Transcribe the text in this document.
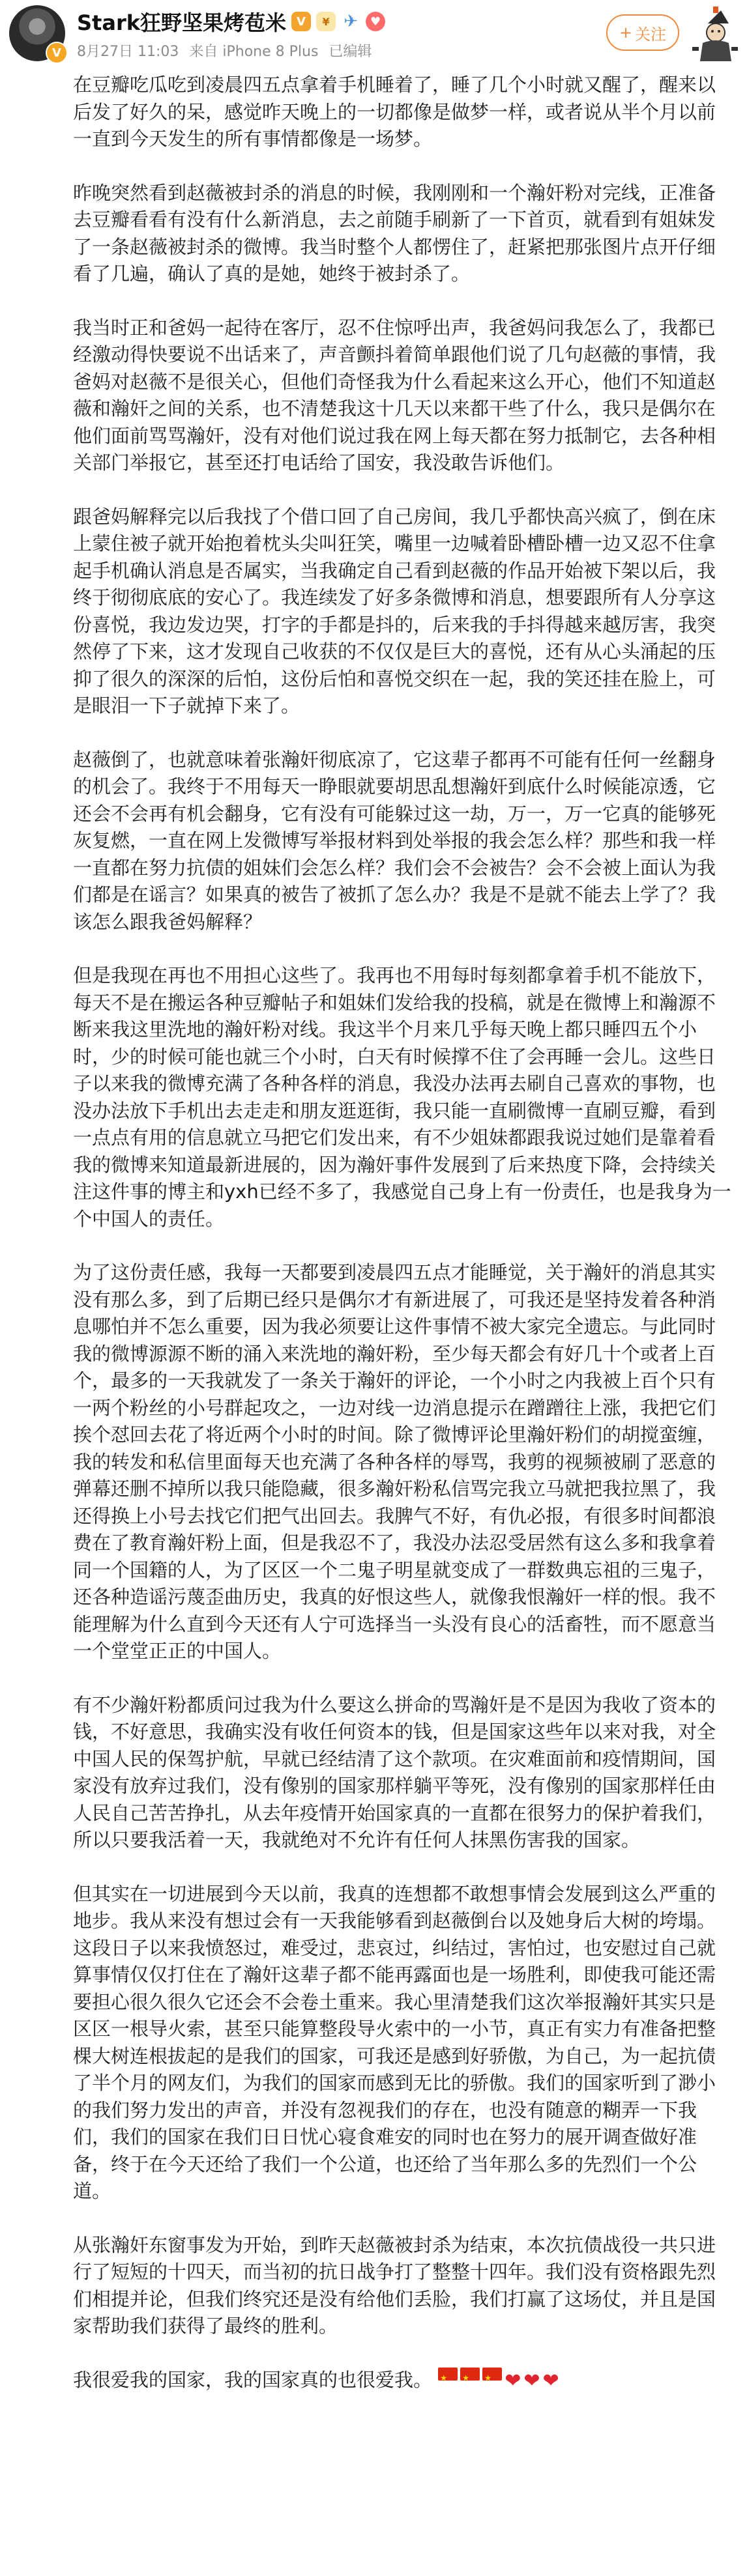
V
Stark狂野坚果烤苞米 V	¥ ✈	♥
8月27日 11:03 来自 iPhone 8 Plus 已编辑
+ 关注

在豆瓣吃瓜吃到凌晨四五点拿着手机睡着了，睡了几个小时就又醒了，醒来以后发了好久的呆，感觉昨天晚上的一切都像是做梦一样，或者说从半个月以前一直到今天发生的所有事情都像是一场梦。

昨晚突然看到赵薇被封杀的消息的时候，我刚刚和一个瀚奸粉对完线，正准备去豆瓣看看有没有什么新消息，去之前随手刷新了一下首页，就看到有姐妹发了一条赵薇被封杀的微博。我当时整个人都愣住了，赶紧把那张图片点开仔细看了几遍，确认了真的是她，她终于被封杀了。

我当时正和爸妈一起待在客厅，忍不住惊呼出声，我爸妈问我怎么了，我都已经激动得快要说不出话来了，声音颤抖着简单跟他们说了几句赵薇的事情，我爸妈对赵薇不是很关心，但他们奇怪我为什么看起来这么开心，他们不知道赵薇和瀚奸之间的关系，也不清楚我这十几天以来都干些了什么，我只是偶尔在他们面前骂骂瀚奸，没有对他们说过我在网上每天都在努力抵制它，去各种相关部门举报它，甚至还打电话给了国安，我没敢告诉他们。

跟爸妈解释完以后我找了个借口回了自己房间，我几乎都快高兴疯了，倒在床上蒙住被子就开始抱着枕头尖叫狂笑，嘴里一边喊着卧槽卧槽一边又忍不住拿起手机确认消息是否属实，当我确定自己看到赵薇的作品开始被下架以后，我终于彻彻底底的安心了。我连续发了好多条微博和消息，想要跟所有人分享这份喜悦，我边发边哭，打字的手都是抖的，后来我的手抖得越来越厉害，我突然停了下来，这才发现自己收获的不仅仅是巨大的喜悦，还有从心头涌起的压抑了很久的深深的后怕，这份后怕和喜悦交织在一起，我的笑还挂在脸上，可是眼泪一下子就掉下来了。

赵薇倒了，也就意味着张瀚奸彻底凉了，它这辈子都再不可能有任何一丝翻身的机会了。我终于不用每天一睁眼就要胡思乱想瀚奸到底什么时候能凉透，它还会不会再有机会翻身，它有没有可能躲过这一劫，万一，万一它真的能够死灰复燃，一直在网上发微博写举报材料到处举报的我会怎么样？那些和我一样一直都在努力抗债的姐妹们会怎么样？我们会不会被告？会不会被上面认为我们都是在谣言？如果真的被告了被抓了怎么办？我是不是就不能去上学了？我该怎么跟我爸妈解释？

但是我现在再也不用担心这些了。我再也不用每时每刻都拿着手机不能放下，每天不是在搬运各种豆瓣帖子和姐妹们发给我的投稿，就是在微博上和瀚源不断来我这里洗地的瀚奸粉对线。我这半个月来几乎每天晚上都只睡四五个小时，少的时候可能也就三个小时，白天有时候撑不住了会再睡一会儿。这些日子以来我的微博充满了各种各样的消息，我没办法再去刷自己喜欢的事物，也没办法放下手机出去走走和朋友逛逛街，我只能一直刷微博一直刷豆瓣，看到一点点有用的信息就立马把它们发出来，有不少姐妹都跟我说过她们是靠着看我的微博来知道最新进展的，因为瀚奸事件发展到了后来热度下降，会持续关注这件事的博主和yxh已经不多了，我感觉自己身上有一份责任，也是我身为一个中国人的责任。

为了这份责任感，我每一天都要到凌晨四五点才能睡觉，关于瀚奸的消息其实没有那么多，到了后期已经只是偶尔才有新进展了，可我还是坚持发着各种消息哪怕并不怎么重要，因为我必须要让这件事情不被大家完全遗忘。与此同时我的微博源源不断的涌入来洗地的瀚奸粉，至少每天都会有好几十个或者上百个，最多的一天我就发了一条关于瀚奸的评论，一个小时之内我被上百个只有一两个粉丝的小号群起攻之，一边对线一边消息提示在蹭蹭往上涨，我把它们挨个怼回去花了将近两个小时的时间。除了微博评论里瀚奸粉们的胡搅蛮缠，我的转发和私信里面每天也充满了各种各样的辱骂，我剪的视频被刷了恶意的弹幕还删不掉所以我只能隐藏，很多瀚奸粉私信骂完我立马就把我拉黑了，我还得换上小号去找它们把气出回去。我脾气不好，有仇必报，有很多时间都浪费在了教育瀚奸粉上面，但是我忍不了，我没办法忍受居然有这么多和我拿着同一个国籍的人，为了区区一个二鬼子明星就变成了一群数典忘祖的三鬼子，还各种造谣污蔑歪曲历史，我真的好恨这些人，就像我恨瀚奸一样的恨。我不能理解为什么直到今天还有人宁可选择当一头没有良心的活畜牲，而不愿意当一个堂堂正正的中国人。

有不少瀚奸粉都质问过我为什么要这么拼命的骂瀚奸是不是因为我收了资本的钱，不好意思，我确实没有收任何资本的钱，但是国家这些年以来对我，对全中国人民的保驾护航，早就已经结清了这个款项。在灾难面前和疫情期间，国家没有放弃过我们，没有像别的国家那样躺平等死，没有像别的国家那样任由人民自己苦苦挣扎，从去年疫情开始国家真的一直都在很努力的保护着我们，所以只要我活着一天，我就绝对不允许有任何人抹黑伤害我的国家。

但其实在一切进展到今天以前，我真的连想都不敢想事情会发展到这么严重的地步。我从来没有想过会有一天我能够看到赵薇倒台以及她身后大树的垮塌。这段日子以来我愤怒过，难受过，悲哀过，纠结过，害怕过，也安慰过自己就算事情仅仅打住在了瀚奸这辈子都不能再露面也是一场胜利，即使我可能还需要担心很久很久它还会不会卷土重来。我心里清楚我们这次举报瀚奸其实只是区区一根导火索，甚至只能算整段导火索中的一小节，真正有实力有准备把整棵大树连根拔起的是我们的国家，可我还是感到好骄傲，为自己，为一起抗债了半个月的网友们，为我们的国家而感到无比的骄傲。我们的国家听到了渺小的我们努力发出的声音，并没有忽视我们的存在，也没有随意的糊弄一下我们，我们的国家在我们日日忧心寝食难安的同时也在努力的展开调查做好准备，终于在今天还给了我们一个公道，也还给了当年那么多的先烈们一个公道。

从张瀚奸东窗事发为开始，到昨天赵薇被封杀为结束，本次抗债战役一共只进行了短短的十四天，而当初的抗日战争打了整整十四年。我们没有资格跟先烈们相提并论，但我们终究还是没有给他们丢脸，我们打赢了这场仗，并且是国家帮助我们获得了最终的胜利。

我很爱我的国家，我的国家真的也很爱我。 ★ ★ ★	❤ ❤ ❤
